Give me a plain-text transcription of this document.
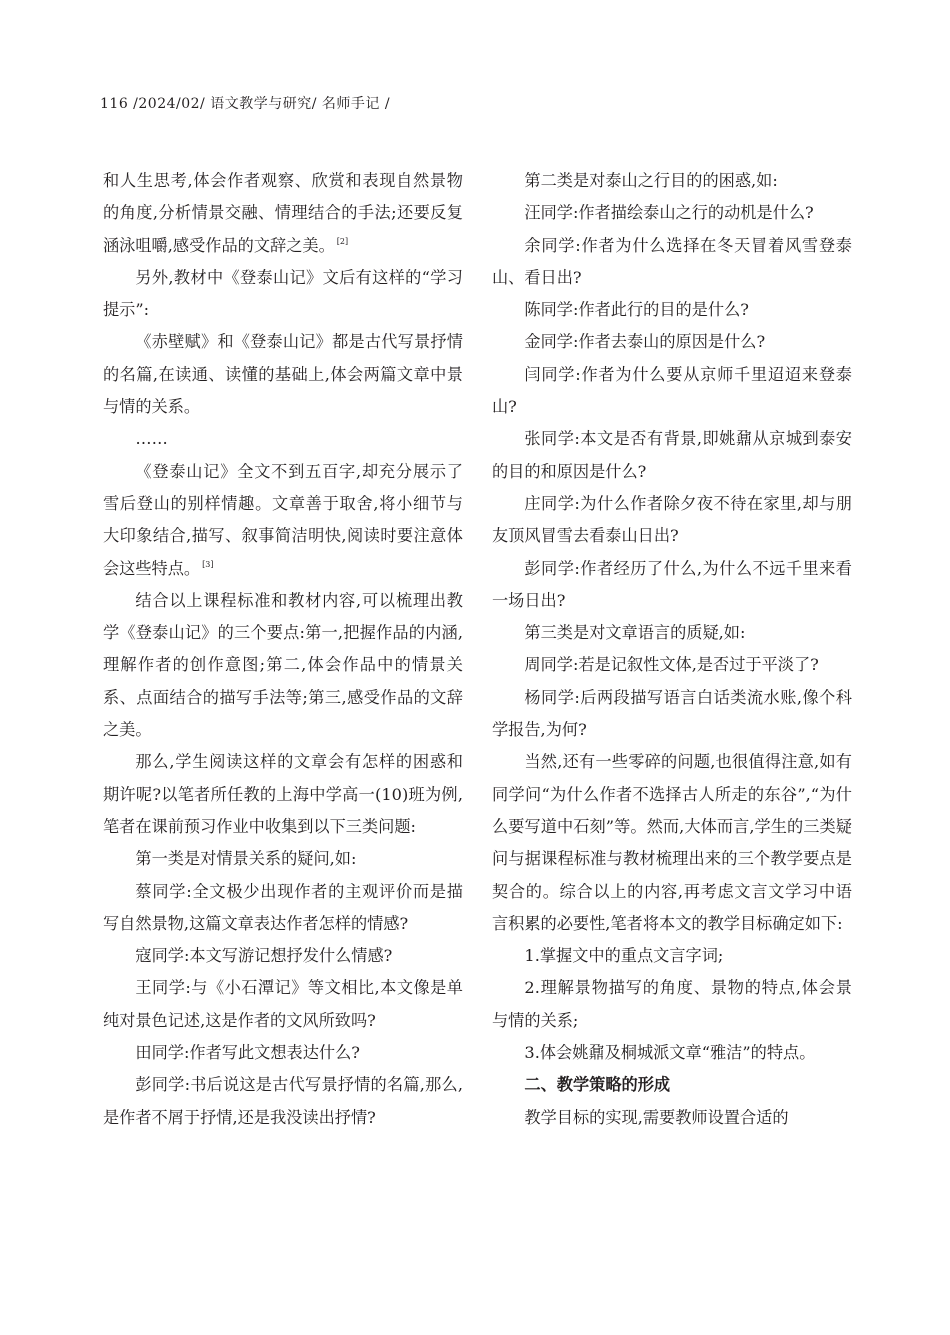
116 /2024/02/ 语文教学与研究/ 名师手记 /

和人生思考,体会作者观察、欣赏和表现自然景物的角度,分析情景交融、情理结合的手法;还要反复涵泳咀嚼,感受作品的文辞之美。 [2]

另外,教材中《登泰山记》文后有这样的“学习提示”:

《赤壁赋》和《登泰山记》都是古代写景抒情的名篇,在读通、读懂的基础上,体会两篇文章中景与情的关系。

……

《登泰山记》全文不到五百字,却充分展示了雪后登山的别样情趣。文章善于取舍,将小细节与大印象结合,描写、叙事简洁明快,阅读时要注意体会这些特点。 [3]

结合以上课程标准和教材内容,可以梳理出教学《登泰山记》的三个要点:第一,把握作品的内涵,理解作者的创作意图;第二,体会作品中的情景关系、点面结合的描写手法等;第三,感受作品的文辞之美。

那么,学生阅读这样的文章会有怎样的困惑和期许呢?以笔者所任教的上海中学高一(10)班为例,笔者在课前预习作业中收集到以下三类问题:

第一类是对情景关系的疑问,如:

蔡同学:全文极少出现作者的主观评价而是描写自然景物,这篇文章表达作者怎样的情感?

寇同学:本文写游记想抒发什么情感?

王同学:与《小石潭记》等文相比,本文像是单纯对景色记述,这是作者的文风所致吗?

田同学:作者写此文想表达什么?

彭同学:书后说这是古代写景抒情的名篇,那么,是作者不屑于抒情,还是我没读出抒情?

第二类是对泰山之行目的的困惑,如:

汪同学:作者描绘泰山之行的动机是什么?

余同学:作者为什么选择在冬天冒着风雪登泰山、看日出?

陈同学:作者此行的目的是什么?

金同学:作者去泰山的原因是什么?

闫同学:作者为什么要从京师千里迢迢来登泰山?

张同学:本文是否有背景,即姚鼐从京城到泰安的目的和原因是什么?

庄同学:为什么作者除夕夜不待在家里,却与朋友顶风冒雪去看泰山日出?

彭同学:作者经历了什么,为什么不远千里来看一场日出?

第三类是对文章语言的质疑,如:

周同学:若是记叙性文体,是否过于平淡了?

杨同学:后两段描写语言白话类流水账,像个科学报告,为何?

当然,还有一些零碎的问题,也很值得注意,如有同学问“为什么作者不选择古人所走的东谷”,“为什么要写道中石刻”等。然而,大体而言,学生的三类疑问与据课程标准与教材梳理出来的三个教学要点是契合的。综合以上的内容,再考虑文言文学习中语言积累的必要性,笔者将本文的教学目标确定如下:

1.掌握文中的重点文言字词;

2.理解景物描写的角度、景物的特点,体会景与情的关系;

3.体会姚鼐及桐城派文章“雅洁”的特点。

二、教学策略的形成

教学目标的实现,需要教师设置合适的
